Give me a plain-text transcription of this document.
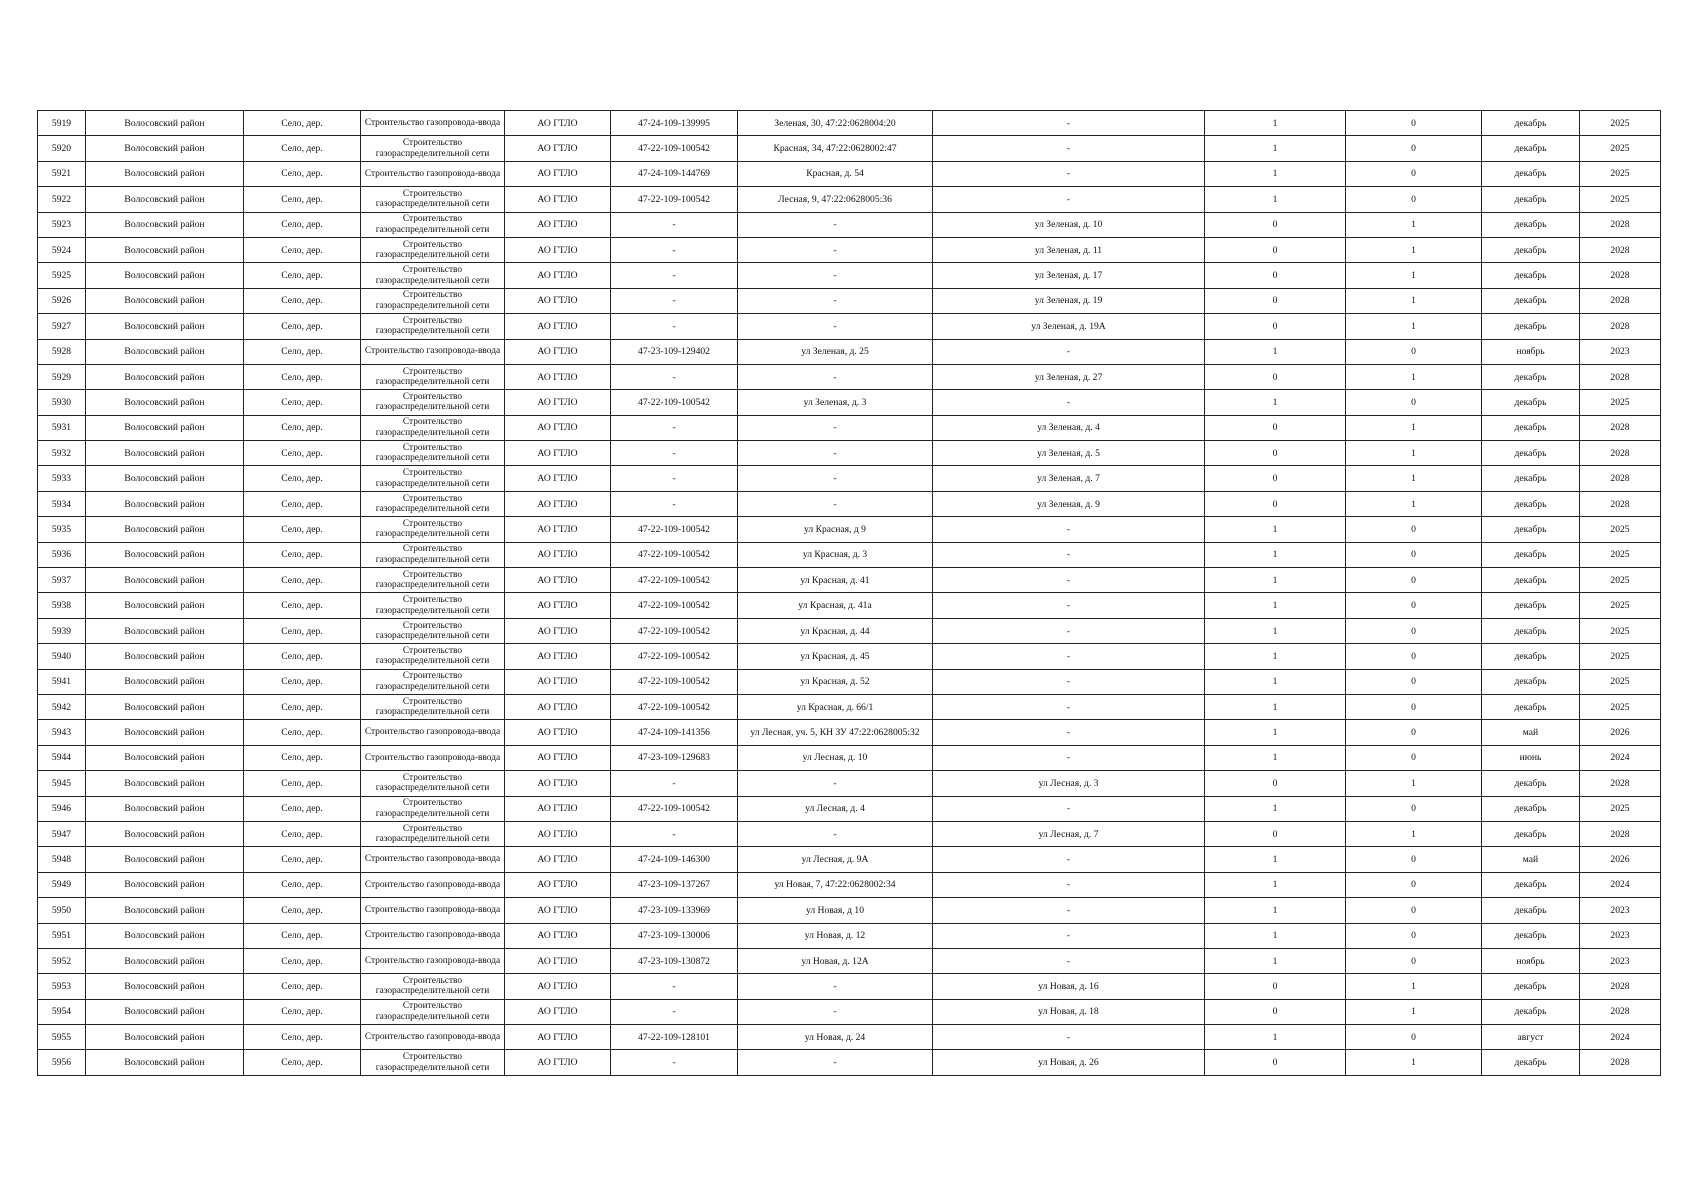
5919	Волосовский район	Село, дер.	Строительство газопровода-ввода	АО ГТЛО	47-24-109-139995	Зеленая, 30, 47:22:0628004:20	-	1	0	декабрь	2025
5920	Волосовский район	Село, дер.	Строительство газораспределительной сети	АО ГТЛО	47-22-109-100542	Красная, 34, 47:22:0628002:47	-	1	0	декабрь	2025
5921	Волосовский район	Село, дер.	Строительство газопровода-ввода	АО ГТЛО	47-24-109-144769	Красная, д. 54	-	1	0	декабрь	2025
5922	Волосовский район	Село, дер.	Строительство газораспределительной сети	АО ГТЛО	47-22-109-100542	Лесная, 9, 47:22:0628005:36	-	1	0	декабрь	2025
5923	Волосовский район	Село, дер.	Строительство газораспределительной сети	АО ГТЛО	-	-	ул Зеленая, д. 10	0	1	декабрь	2028
5924	Волосовский район	Село, дер.	Строительство газораспределительной сети	АО ГТЛО	-	-	ул Зеленая, д. 11	0	1	декабрь	2028
5925	Волосовский район	Село, дер.	Строительство газораспределительной сети	АО ГТЛО	-	-	ул Зеленая, д. 17	0	1	декабрь	2028
5926	Волосовский район	Село, дер.	Строительство газораспределительной сети	АО ГТЛО	-	-	ул Зеленая, д. 19	0	1	декабрь	2028
5927	Волосовский район	Село, дер.	Строительство газораспределительной сети	АО ГТЛО	-	-	ул Зеленая, д. 19А	0	1	декабрь	2028
5928	Волосовский район	Село, дер.	Строительство газопровода-ввода	АО ГТЛО	47-23-109-129402	ул Зеленая, д. 25	-	1	0	ноябрь	2023
5929	Волосовский район	Село, дер.	Строительство газораспределительной сети	АО ГТЛО	-	-	ул Зеленая, д. 27	0	1	декабрь	2028
5930	Волосовский район	Село, дер.	Строительство газораспределительной сети	АО ГТЛО	47-22-109-100542	ул Зеленая, д. 3	-	1	0	декабрь	2025
5931	Волосовский район	Село, дер.	Строительство газораспределительной сети	АО ГТЛО	-	-	ул Зеленая, д. 4	0	1	декабрь	2028
5932	Волосовский район	Село, дер.	Строительство газораспределительной сети	АО ГТЛО	-	-	ул Зеленая, д. 5	0	1	декабрь	2028
5933	Волосовский район	Село, дер.	Строительство газораспределительной сети	АО ГТЛО	-	-	ул Зеленая, д. 7	0	1	декабрь	2028
5934	Волосовский район	Село, дер.	Строительство газораспределительной сети	АО ГТЛО	-	-	ул Зеленая, д. 9	0	1	декабрь	2028
5935	Волосовский район	Село, дер.	Строительство газораспределительной сети	АО ГТЛО	47-22-109-100542	ул Красная, д 9	-	1	0	декабрь	2025
5936	Волосовский район	Село, дер.	Строительство газораспределительной сети	АО ГТЛО	47-22-109-100542	ул Красная, д. 3	-	1	0	декабрь	2025
5937	Волосовский район	Село, дер.	Строительство газораспределительной сети	АО ГТЛО	47-22-109-100542	ул Красная, д. 41	-	1	0	декабрь	2025
5938	Волосовский район	Село, дер.	Строительство газораспределительной сети	АО ГТЛО	47-22-109-100542	ул Красная, д. 41а	-	1	0	декабрь	2025
5939	Волосовский район	Село, дер.	Строительство газораспределительной сети	АО ГТЛО	47-22-109-100542	ул Красная, д. 44	-	1	0	декабрь	2025
5940	Волосовский район	Село, дер.	Строительство газораспределительной сети	АО ГТЛО	47-22-109-100542	ул Красная, д. 45	-	1	0	декабрь	2025
5941	Волосовский район	Село, дер.	Строительство газораспределительной сети	АО ГТЛО	47-22-109-100542	ул Красная, д. 52	-	1	0	декабрь	2025
5942	Волосовский район	Село, дер.	Строительство газораспределительной сети	АО ГТЛО	47-22-109-100542	ул Красная, д. 66/1	-	1	0	декабрь	2025
5943	Волосовский район	Село, дер.	Строительство газопровода-ввода	АО ГТЛО	47-24-109-141356	ул Лесная, уч. 5, КН ЗУ 47:22:0628005:32	-	1	0	май	2026
5944	Волосовский район	Село, дер.	Строительство газопровода-ввода	АО ГТЛО	47-23-109-129683	ул Лесная, д. 10	-	1	0	июнь	2024
5945	Волосовский район	Село, дер.	Строительство газораспределительной сети	АО ГТЛО	-	-	ул Лесная, д. 3	0	1	декабрь	2028
5946	Волосовский район	Село, дер.	Строительство газораспределительной сети	АО ГТЛО	47-22-109-100542	ул Лесная, д. 4	-	1	0	декабрь	2025
5947	Волосовский район	Село, дер.	Строительство газораспределительной сети	АО ГТЛО	-	-	ул Лесная, д. 7	0	1	декабрь	2028
5948	Волосовский район	Село, дер.	Строительство газопровода-ввода	АО ГТЛО	47-24-109-146300	ул Лесная, д. 9А	-	1	0	май	2026
5949	Волосовский район	Село, дер.	Строительство газопровода-ввода	АО ГТЛО	47-23-109-137267	ул Новая, 7, 47:22:0628002:34	-	1	0	декабрь	2024
5950	Волосовский район	Село, дер.	Строительство газопровода-ввода	АО ГТЛО	47-23-109-133969	ул Новая, д 10	-	1	0	декабрь	2023
5951	Волосовский район	Село, дер.	Строительство газопровода-ввода	АО ГТЛО	47-23-109-130006	ул Новая, д. 12	-	1	0	декабрь	2023
5952	Волосовский район	Село, дер.	Строительство газопровода-ввода	АО ГТЛО	47-23-109-130872	ул Новая, д. 12А	-	1	0	ноябрь	2023
5953	Волосовский район	Село, дер.	Строительство газораспределительной сети	АО ГТЛО	-	-	ул Новая, д. 16	0	1	декабрь	2028
5954	Волосовский район	Село, дер.	Строительство газораспределительной сети	АО ГТЛО	-	-	ул Новая, д. 18	0	1	декабрь	2028
5955	Волосовский район	Село, дер.	Строительство газопровода-ввода	АО ГТЛО	47-22-109-128101	ул Новая, д. 24	-	1	0	август	2024
5956	Волосовский район	Село, дер.	Строительство газораспределительной сети	АО ГТЛО	-	-	ул Новая, д. 26	0	1	декабрь	2028
